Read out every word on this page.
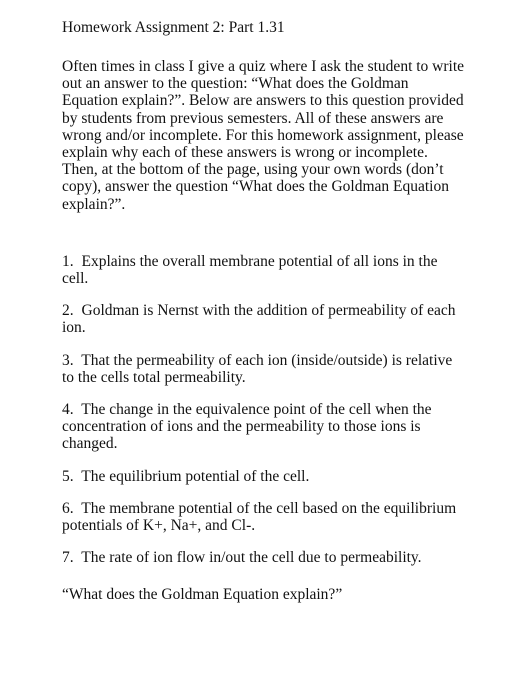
Homework Assignment 2: Part 1.31
Often times in class I give a quiz where I ask the student to write out an answer to the question: “What does the Goldman Equation explain?”. Below are answers to this question provided by students from previous semesters. All of these answers are wrong and/or incomplete. For this homework assignment, please explain why each of these answers is wrong or incomplete. Then, at the bottom of the page, using your own words (don’t copy), answer the question “What does the Goldman Equation explain?”.
1. Explains the overall membrane potential of all ions in the cell.
2. Goldman is Nernst with the addition of permeability of each ion.
3. That the permeability of each ion (inside/outside) is relative to the cells total permeability.
4. The change in the equivalence point of the cell when the concentration of ions and the permeability to those ions is changed.
5. The equilibrium potential of the cell.
6. The membrane potential of the cell based on the equilibrium potentials of K+, Na+, and Cl-.
7. The rate of ion flow in/out the cell due to permeability.
“What does the Goldman Equation explain?”
